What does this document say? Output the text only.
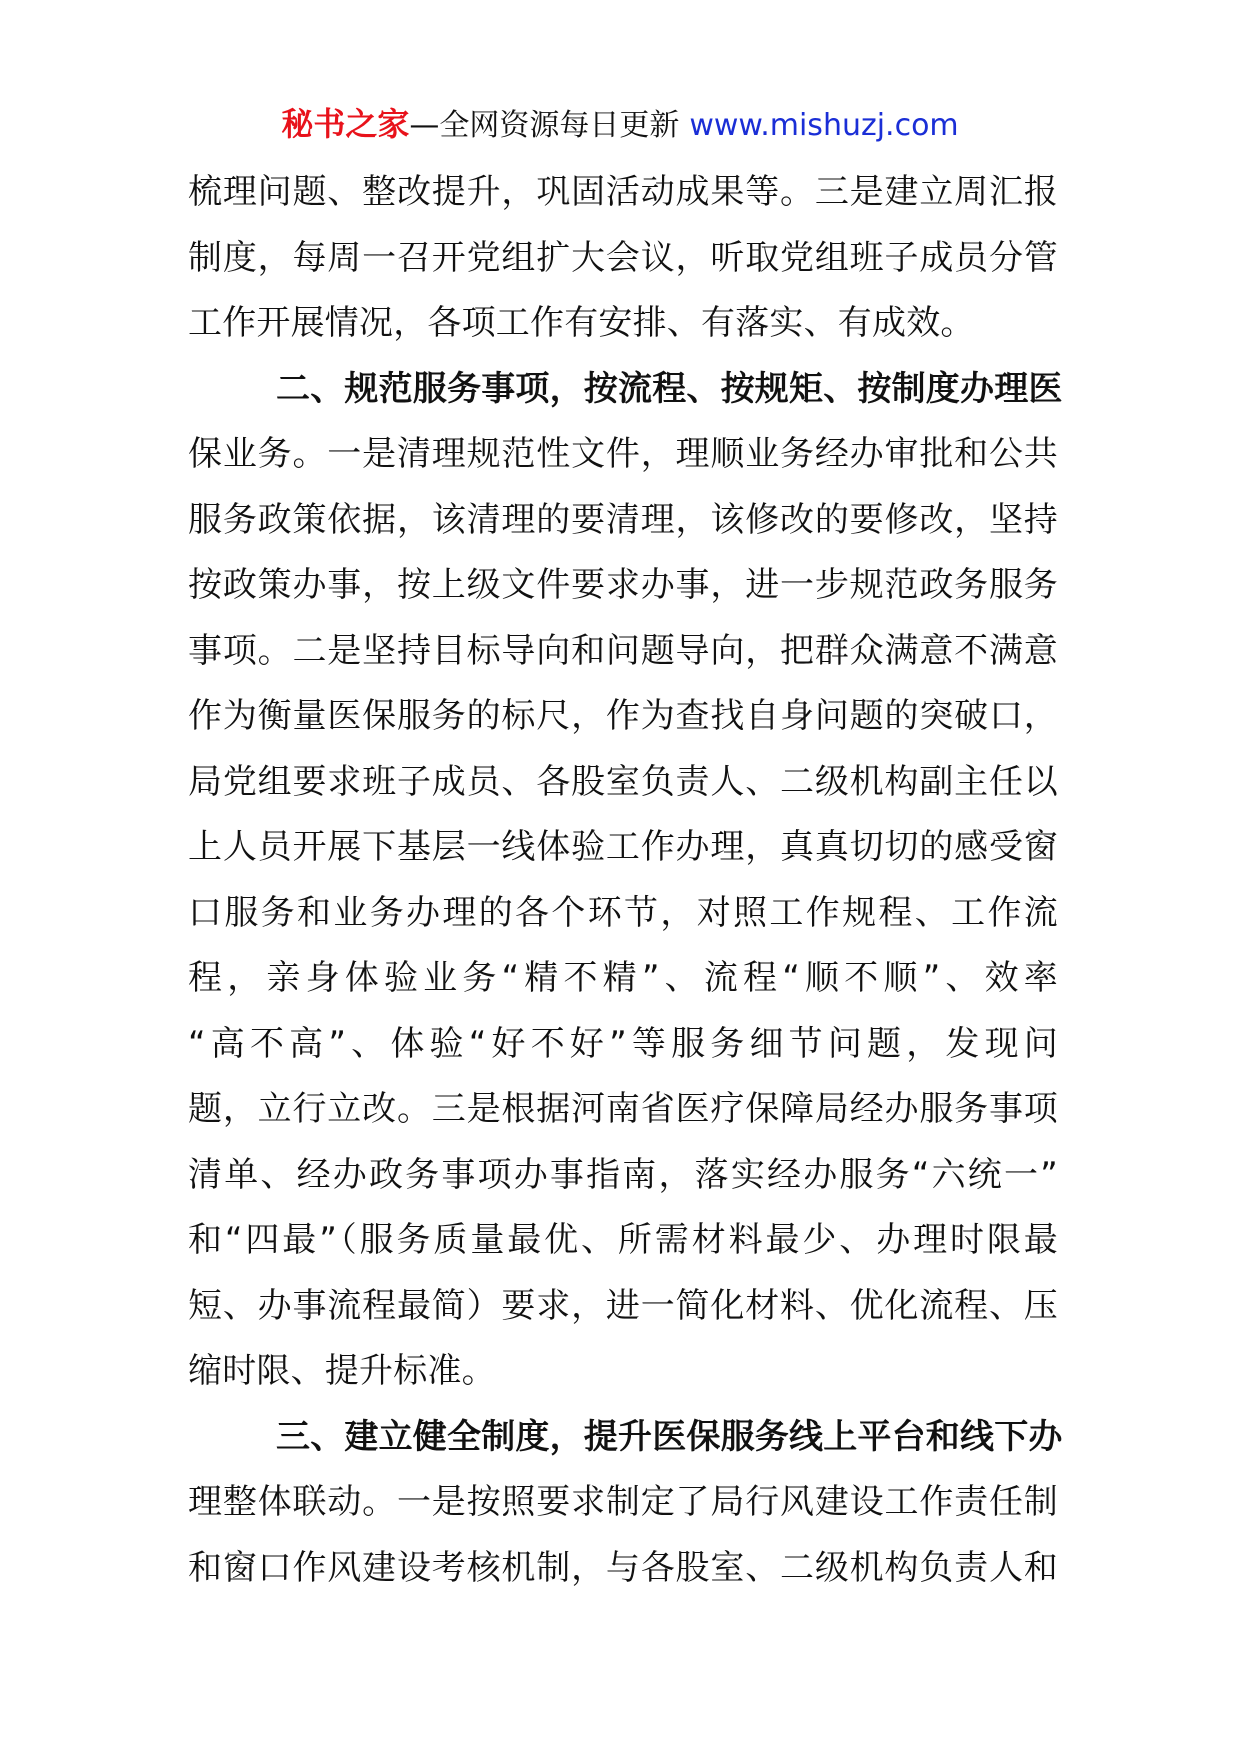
秘书之家—全网资源每日更新 www.mishuzj.com
梳理问题、整改提升，巩固活动成果等。三是建立周汇报
制度，每周一召开党组扩大会议，听取党组班子成员分管
工作开展情况，各项工作有安排、有落实、有成效。
二、规范服务事项，按流程、按规矩、按制度办理医
保业务。一是清理规范性文件，理顺业务经办审批和公共
服务政策依据，该清理的要清理，该修改的要修改，坚持
按政策办事，按上级文件要求办事，进一步规范政务服务
事项。二是坚持目标导向和问题导向，把群众满意不满意
作为衡量医保服务的标尺，作为查找自身问题的突破口，
局党组要求班子成员、各股室负责人、二级机构副主任以
上人员开展下基层一线体验工作办理，真真切切的感受窗
口服务和业务办理的各个环节，对照工作规程、工作流
程，亲身体验业务“精不精”、流程“顺不顺”、效率
“高不高”、体验“好不好”等服务细节问题，发现问
题，立行立改。三是根据河南省医疗保障局经办服务事项
清单、经办政务事项办事指南，落实经办服务“六统一”
和“四最”（服务质量最优、所需材料最少、办理时限最
短、办事流程最简）要求，进一简化材料、优化流程、压
缩时限、提升标准。
三、建立健全制度，提升医保服务线上平台和线下办
理整体联动。一是按照要求制定了局行风建设工作责任制
和窗口作风建设考核机制，与各股室、二级机构负责人和
